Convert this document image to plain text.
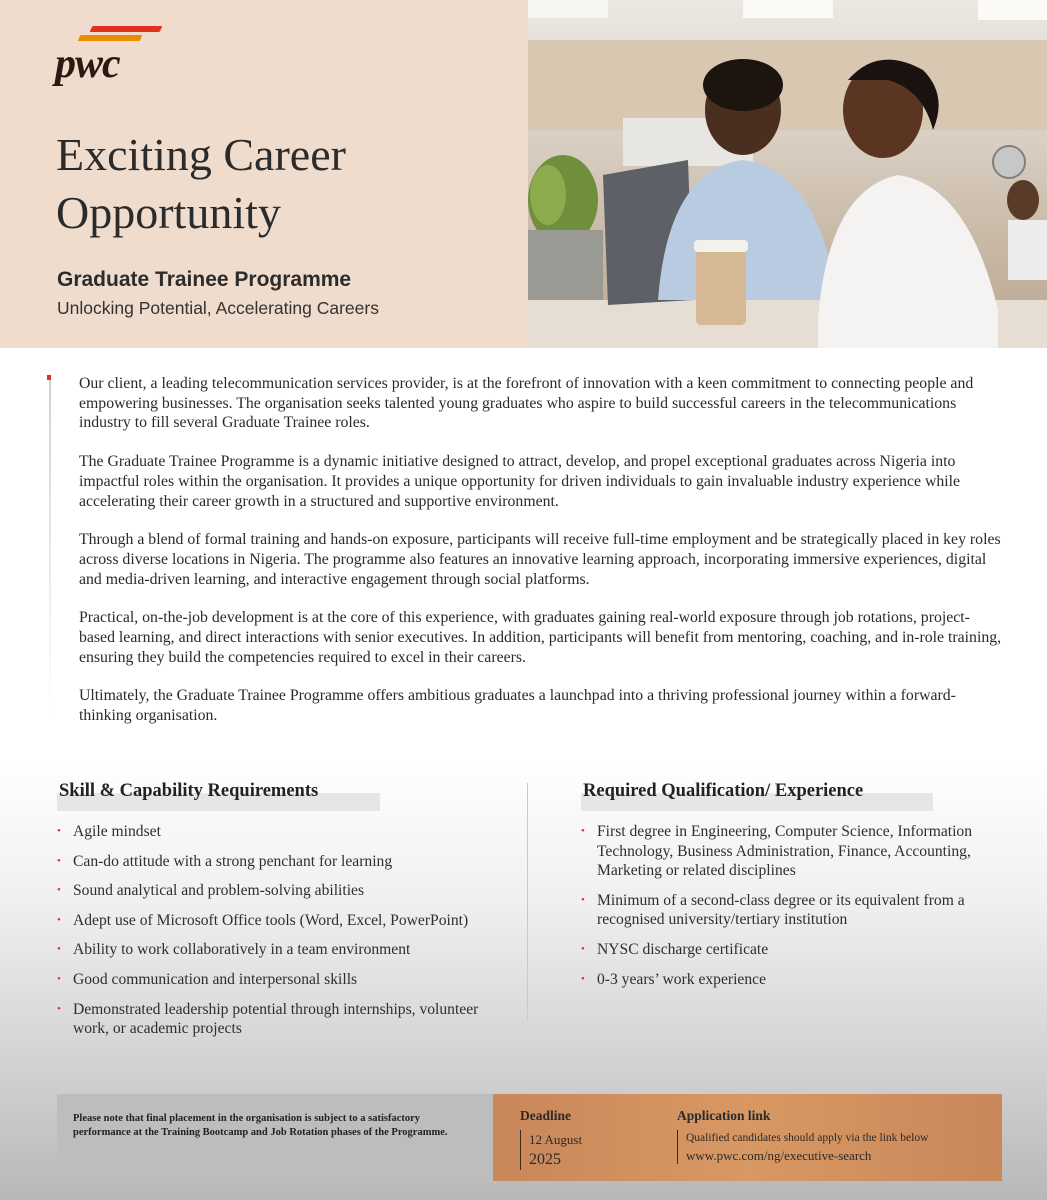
pwc
Exciting Career
Opportunity
Graduate Trainee Programme
Unlocking Potential, Accelerating Careers

Our client, a leading telecommunication services provider, is at the forefront of innovation with a keen commitment to connecting people and empowering businesses. The organisation seeks talented young graduates who aspire to build successful careers in the telecommunications industry to fill several Graduate Trainee roles.

The Graduate Trainee Programme is a dynamic initiative designed to attract, develop, and propel exceptional graduates across Nigeria into impactful roles within the organisation. It provides a unique opportunity for driven individuals to gain invaluable industry experience while accelerating their career growth in a structured and supportive environment.

Through a blend of formal training and hands-on exposure, participants will receive full-time employment and be strategically placed in key roles across diverse locations in Nigeria. The programme also features an innovative learning approach, incorporating immersive experiences, digital and media-driven learning, and interactive engagement through social platforms.

Practical, on-the-job development is at the core of this experience, with graduates gaining real-world exposure through job rotations, project-based learning, and direct interactions with senior executives. In addition, participants will benefit from mentoring, coaching, and in-role training, ensuring they build the competencies required to excel in their careers.

Ultimately, the Graduate Trainee Programme offers ambitious graduates a launchpad into a thriving professional journey within a forward-thinking organisation.

Skill & Capability Requirements	Required Qualification/ Experience
• Agile mindset
• Can-do attitude with a strong penchant for learning
• Sound analytical and problem-solving abilities
• Adept use of Microsoft Office tools (Word, Excel, PowerPoint)
• Ability to work collaboratively in a team environment
• Good communication and interpersonal skills
• Demonstrated leadership potential through internships, volunteer work, or academic projects
• First degree in Engineering, Computer Science, Information Technology, Business Administration, Finance, Accounting, Marketing or related disciplines
• Minimum of a second-class degree or its equivalent from a recognised university/tertiary institution
• NYSC discharge certificate
• 0-3 years’ work experience
Please note that final placement in the organisation is subject to a satisfactory performance at the Training Bootcamp and Job Rotation phases of the Programme.
Deadline
12 August
2025
Application link
Qualified candidates should apply via the link below
www.pwc.com/ng/executive-search
